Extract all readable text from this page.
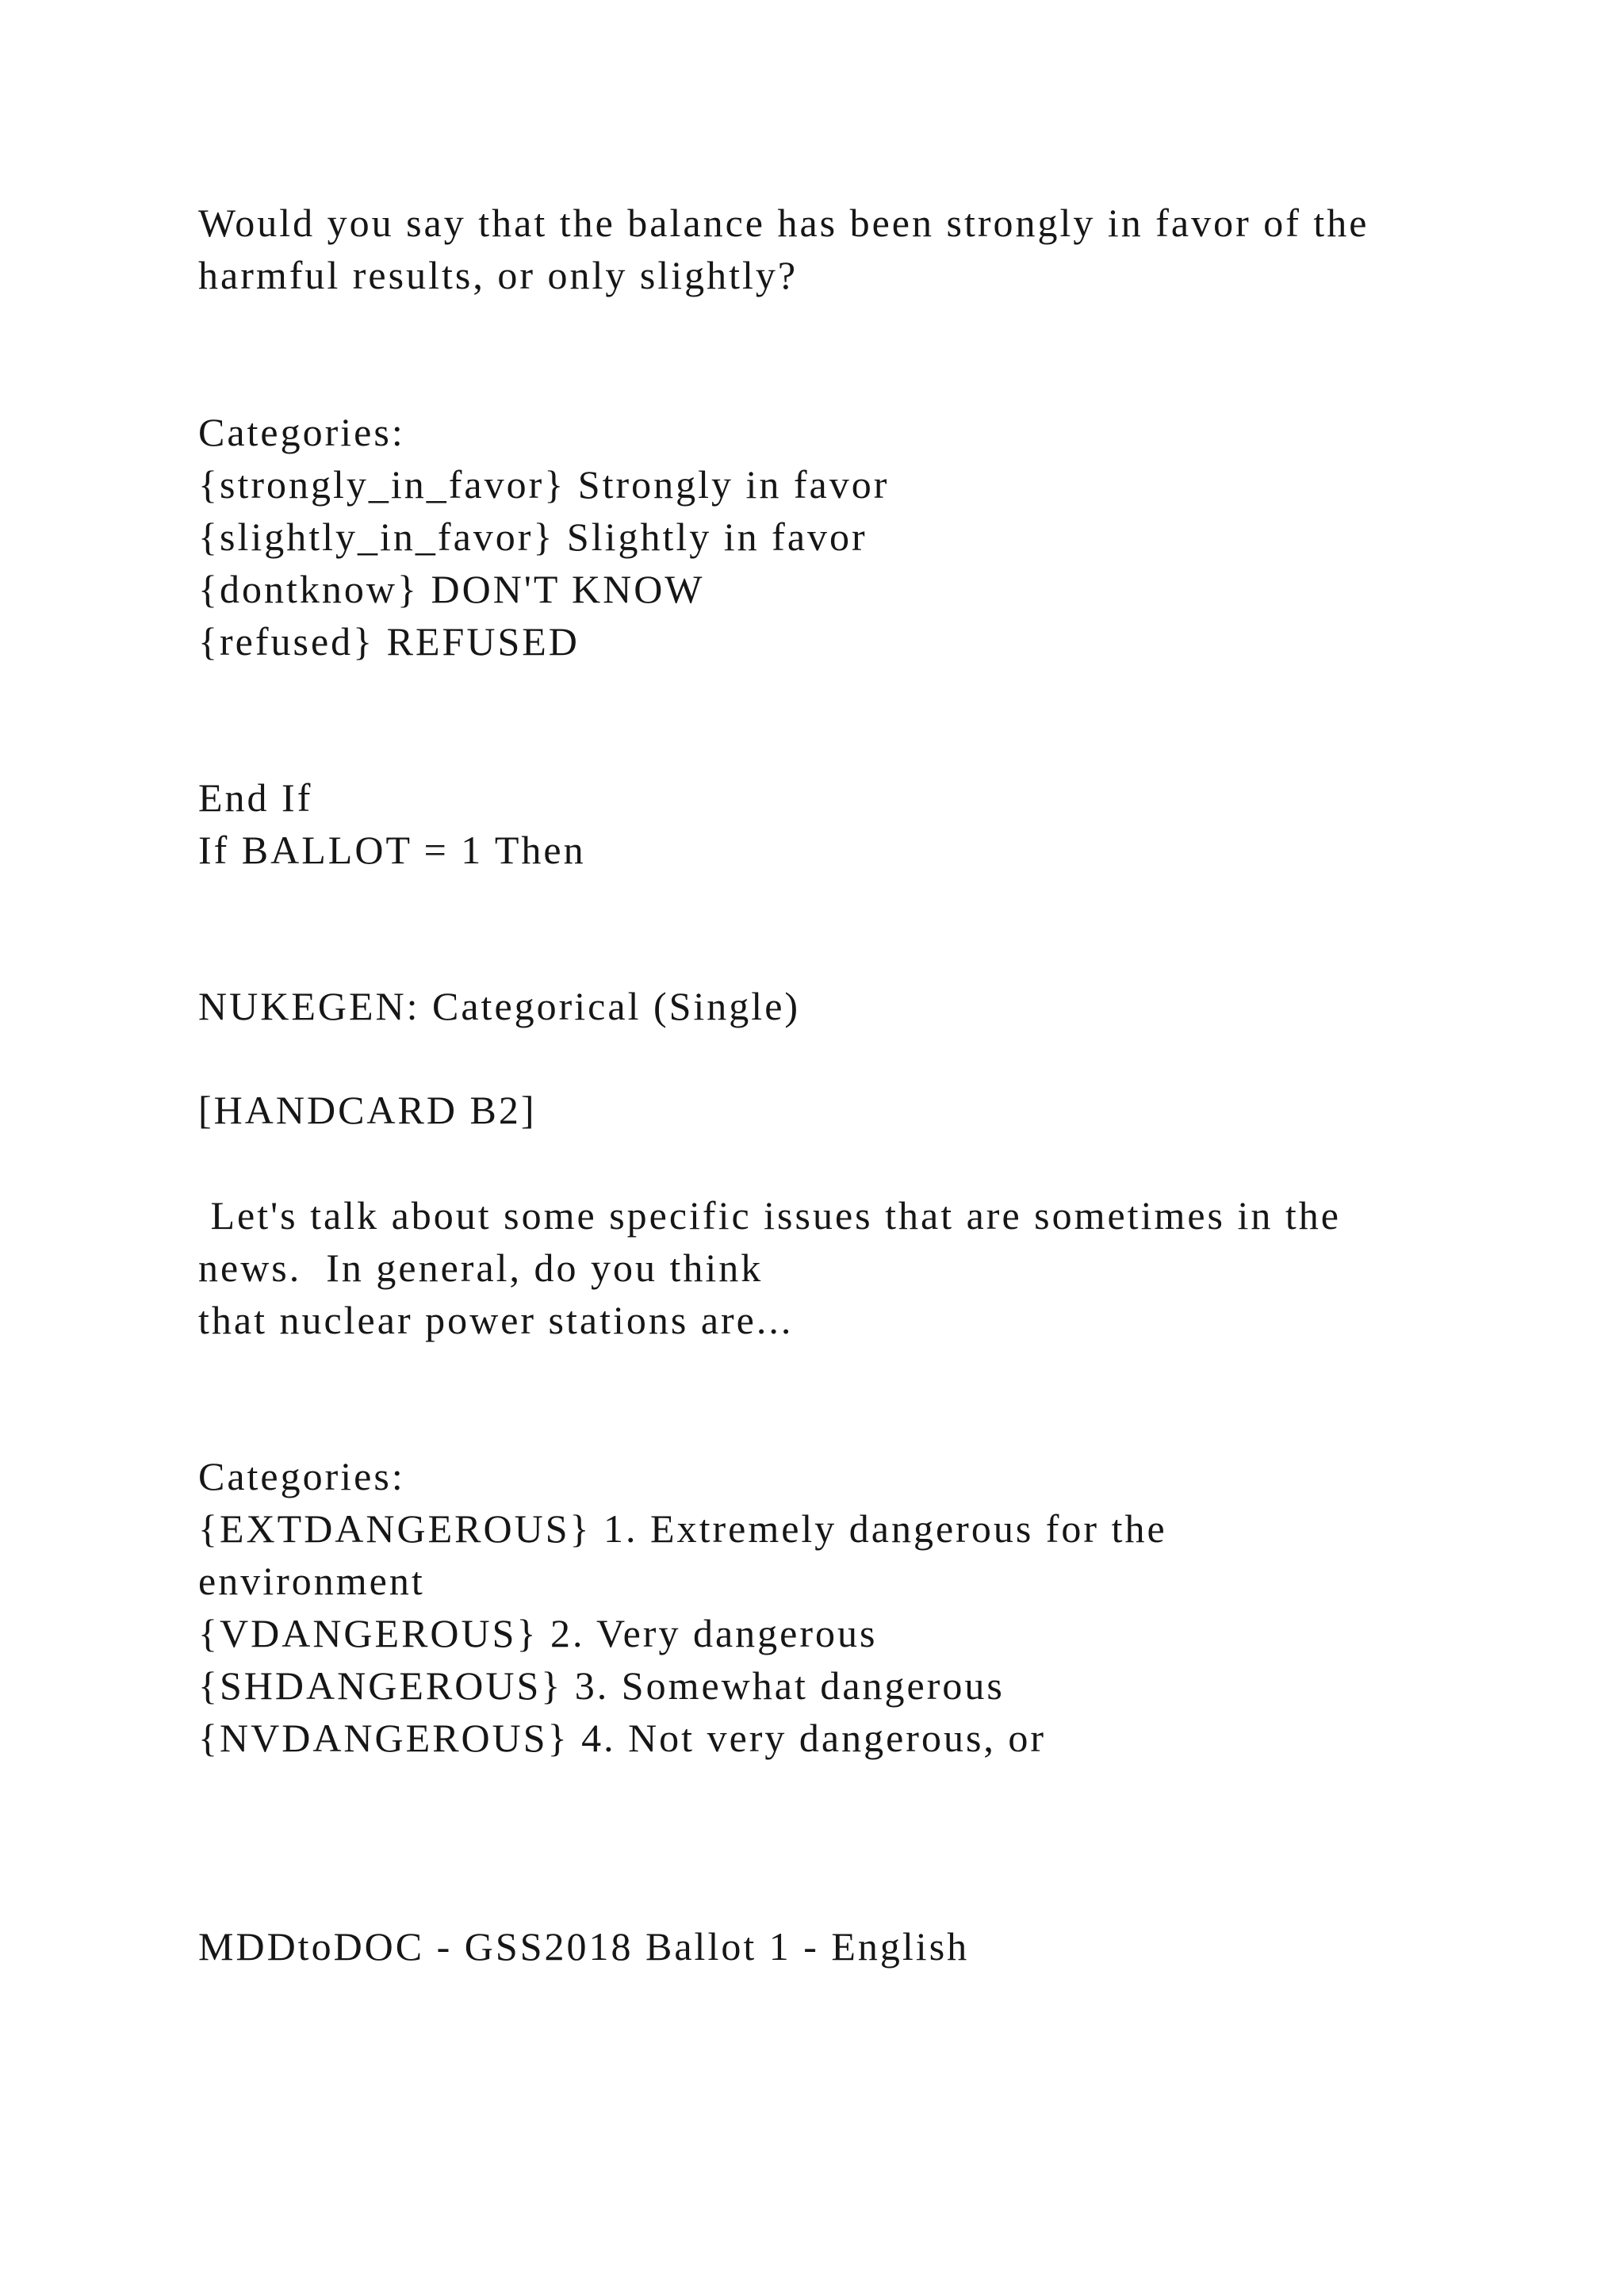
Would you say that the balance has been strongly in favor of the

harmful results, or only slightly?

Categories:

{strongly_in_favor} Strongly in favor

{slightly_in_favor} Slightly in favor

{dontknow} DON'T KNOW

{refused} REFUSED

End If

If BALLOT = 1 Then

NUKEGEN: Categorical (Single)

[HANDCARD B2]

Let's talk about some specific issues that are sometimes in the

news.  In general, do you think

that nuclear power stations are...

Categories:

{EXTDANGEROUS} 1. Extremely dangerous for the

environment

{VDANGEROUS} 2. Very dangerous

{SHDANGEROUS} 3. Somewhat dangerous

{NVDANGEROUS} 4. Not very dangerous, or

MDDtoDOC - GSS2018 Ballot 1 - English
